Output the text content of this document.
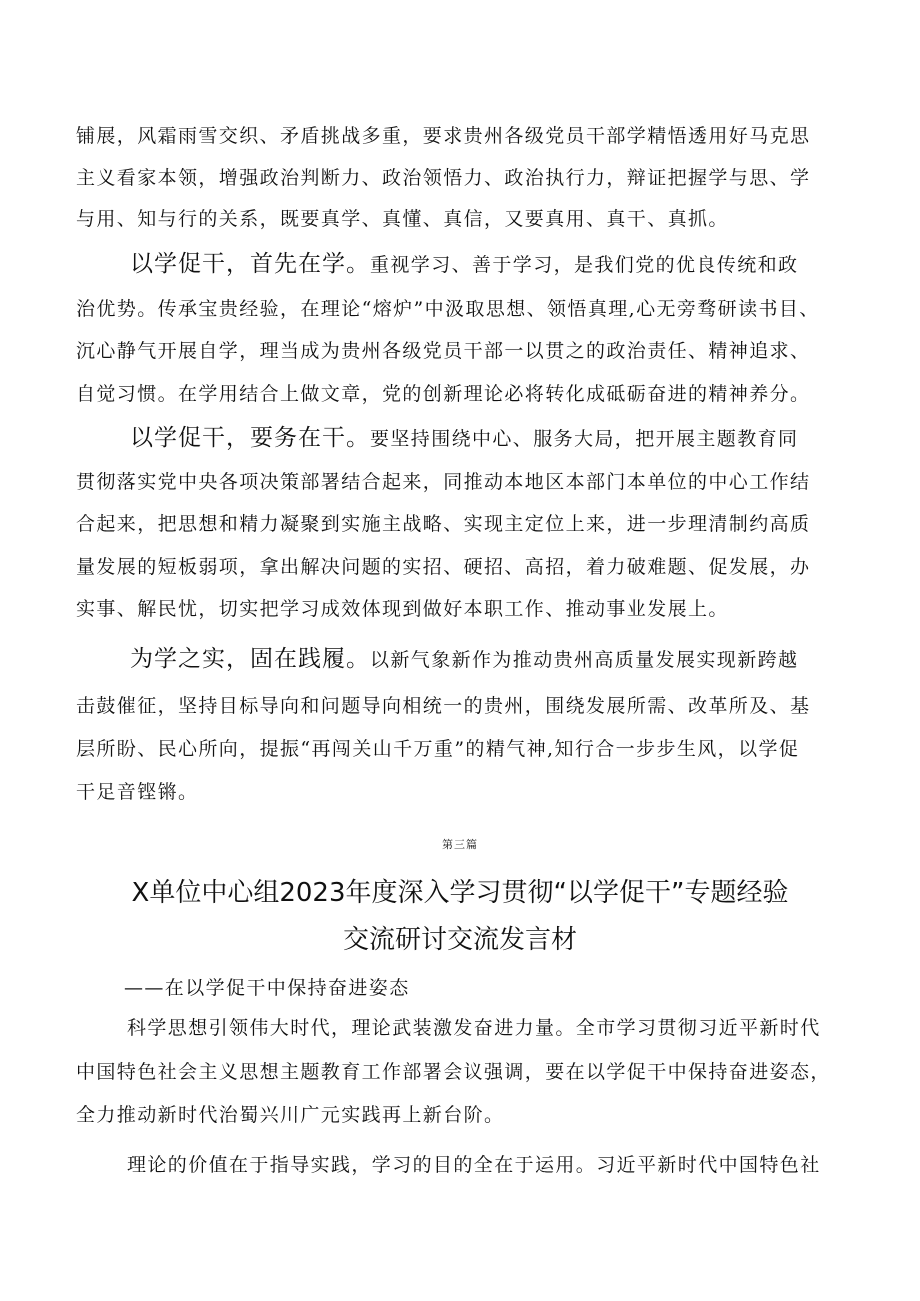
铺展，风霜雨雪交织、矛盾挑战多重，要求贵州各级党员干部学精悟透用好马克思
主义看家本领，增强政治判断力、政治领悟力、政治执行力，辩证把握学与思、学
与用、知与行的关系，既要真学、真懂、真信，又要真用、真干、真抓。
以学促干，首先在学。重视学习、善于学习，是我们党的优良传统和政
治优势。传承宝贵经验，在理论“熔炉”中汲取思想、领悟真理,心无旁骛研读书目、
沉心静气开展自学，理当成为贵州各级党员干部一以贯之的政治责任、精神追求、
自觉习惯。在学用结合上做文章，党的创新理论必将转化成砥砺奋进的精神养分。
以学促干，要务在干。要坚持围绕中心、服务大局，把开展主题教育同
贯彻落实党中央各项决策部署结合起来，同推动本地区本部门本单位的中心工作结
合起来，把思想和精力凝聚到实施主战略、实现主定位上来，进一步理清制约高质
量发展的短板弱项，拿出解决问题的实招、硬招、高招，着力破难题、促发展，办
实事、解民忧，切实把学习成效体现到做好本职工作、推动事业发展上。
为学之实，固在践履。以新气象新作为推动贵州高质量发展实现新跨越
击鼓催征，坚持目标导向和问题导向相统一的贵州，围绕发展所需、改革所及、基
层所盼、民心所向，提振“再闯关山千万重”的精气神,知行合一步步生风，以学促
干足音铿锵。
第三篇
X单位中心组2023年度深入学习贯彻“以学促干”专题经验
交流研讨交流发言材
——在以学促干中保持奋进姿态
科学思想引领伟大时代，理论武装激发奋进力量。全市学习贯彻习近平新时代
中国特色社会主义思想主题教育工作部署会议强调，要在以学促干中保持奋进姿态，
全力推动新时代治蜀兴川广元实践再上新台阶。
理论的价值在于指导实践，学习的目的全在于运用。习近平新时代中国特色社
